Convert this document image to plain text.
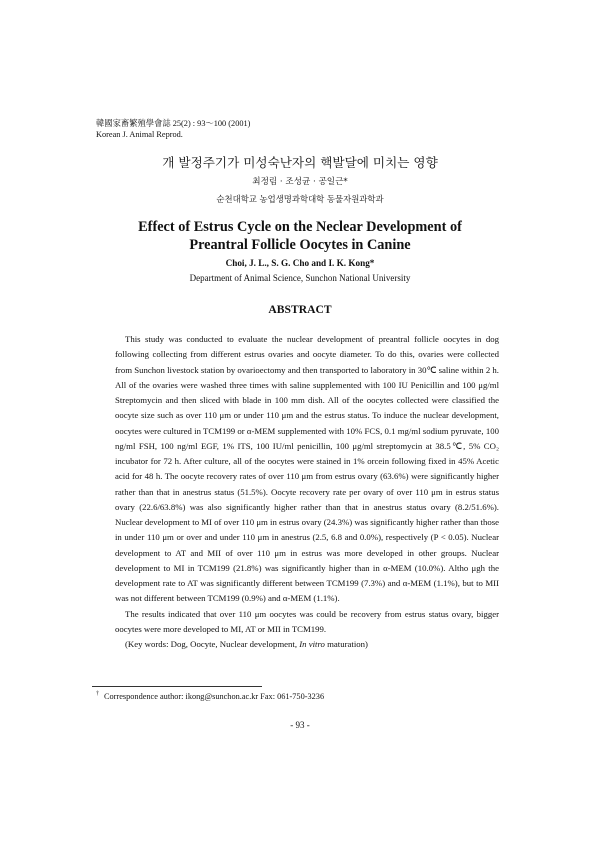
韓國家畜繁殖學會誌 25(2) : 93～100 (2001)
Korean J. Animal Reprod.
개 발정주기가 미성숙난자의 핵발달에 미치는 영향
최정림 · 조성균 · 공일근*
순천대학교 농업생명과학대학 동물자원과학과
Effect of Estrus Cycle on the Neclear Development of
Preantral Follicle Oocytes in Canine
Choi, J. L., S. G. Cho and I. K. Kong*
Department of Animal Science, Sunchon National University
ABSTRACT

This study was conducted to evaluate the nuclear development of preantral follicle oocytes in dog following collecting from different estrus ovaries and oocyte diameter. To do this, ovaries were collected from Sunchon livestock station by ovarioectomy and then transported to laboratory in 30℃ saline within 2 h. All of the ovaries were washed three times with saline supplemented with 100 IU Penicillin and 100 μg/ml Streptomycin and then sliced with blade in 100 mm dish. All of the oocytes collected were classified the oocyte size such as over 110 μm or under 110 μm and the estrus status. To induce the nuclear development, oocytes were cultured in TCM199 or α-MEM supplemented with 10% FCS, 0.1 mg/ml sodium pyruvate, 100 ng/ml FSH, 100 ng/ml EGF, 1% ITS, 100 IU/ml penicillin, 100 μg/ml streptomycin at 38.5℃, 5% CO₂ incubator for 72 h. After culture, all of the oocytes were stained in 1% orcein following fixed in 45% Acetic acid for 48 h. The oocyte recovery rates of over 110 μm from estrus ovary (63.6%) were significantly higher rather than that in anestrus status (51.5%). Oocyte recovery rate per ovary of over 110 μm in estrus status ovary (22.6/63.8%) was also significantly higher rather than that in anestrus status ovary (8.2/51.6%). Nuclear development to MI of over 110 μm in estrus ovary (24.3%) was significantly higher rather than those in under 110 μm or over and under 110 μm in anestrus (2.5, 6.8 and 0.0%), respectively (P < 0.05). Nuclear development to AT and MII of over 110 μm in estrus was more developed in other groups. Nuclear development to MI in TCM199 (21.8%) was significantly higher than in α-MEM (10.0%). Altho μgh the development rate to AT was significantly different between TCM199 (7.3%) and α-MEM (1.1%), but to MII was not different between TCM199 (0.9%) and α-MEM (1.1%).

The results indicated that over 110 μm oocytes was could be recovery from estrus status ovary, bigger oocytes were more developed to MI, AT or MII in TCM199.

(Key words: Dog, Oocyte, Nuclear development, In vitro maturation)

† Correspondence author: ikong@sunchon.ac.kr Fax: 061-750-3236
- 93 -
